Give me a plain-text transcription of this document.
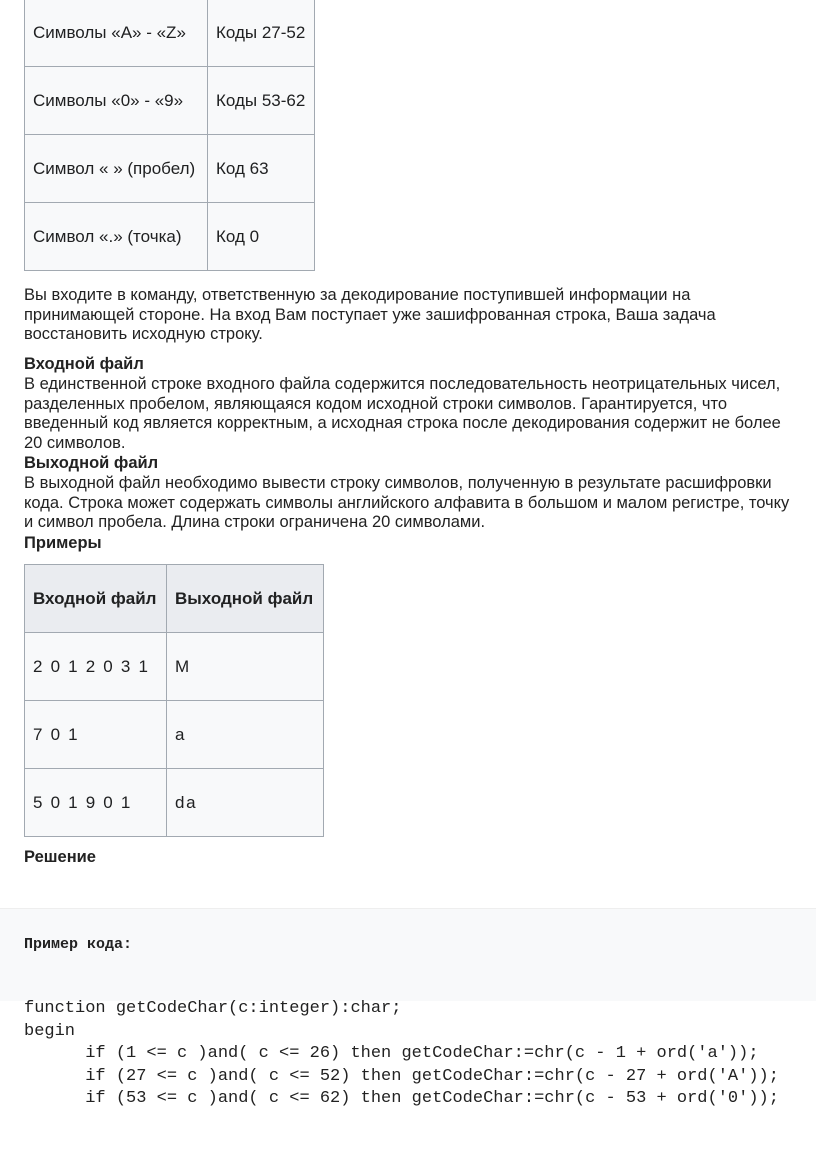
Символы «A» - «Z»	Коды 27-52
Символы «0» - «9»	Коды 53-62
Символ « » (пробел)	Код 63
Символ «.» (точка)	Код 0
Вы входите в команду, ответственную за декодирование поступившей информации на принимающей стороне. На вход Вам поступает уже зашифрованная строка, Ваша задача восстановить исходную строку.
Входной файл
В единственной строке входного файла содержится последовательность неотрицательных чисел, разделенных пробелом, являющаяся кодом исходной строки символов. Гарантируется, что введенный код является корректным, а исходная строка после декодирования содержит не более 20 символов.
Выходной файл
В выходной файл необходимо вывести строку символов, полученную в результате расшифровки кода. Строка может содержать символы английского алфавита в большом и малом регистре, точку и символ пробела. Длина строки ограничена 20 символами.
Примеры
Входной файл	Выходной файл
2 0 1 2 0 3 1	M
7 0 1	a
5 0 1 9 0 1	da
Решение
Пример кода:
function getCodeChar(c:integer):char;
begin
if (1 <= c )and( c <= 26) then getCodeChar:=chr(c - 1 + ord('a'));
if (27 <= c )and( c <= 52) then getCodeChar:=chr(c - 27 + ord('A'));
if (53 <= c )and( c <= 62) then getCodeChar:=chr(c - 53 + ord('0'));
